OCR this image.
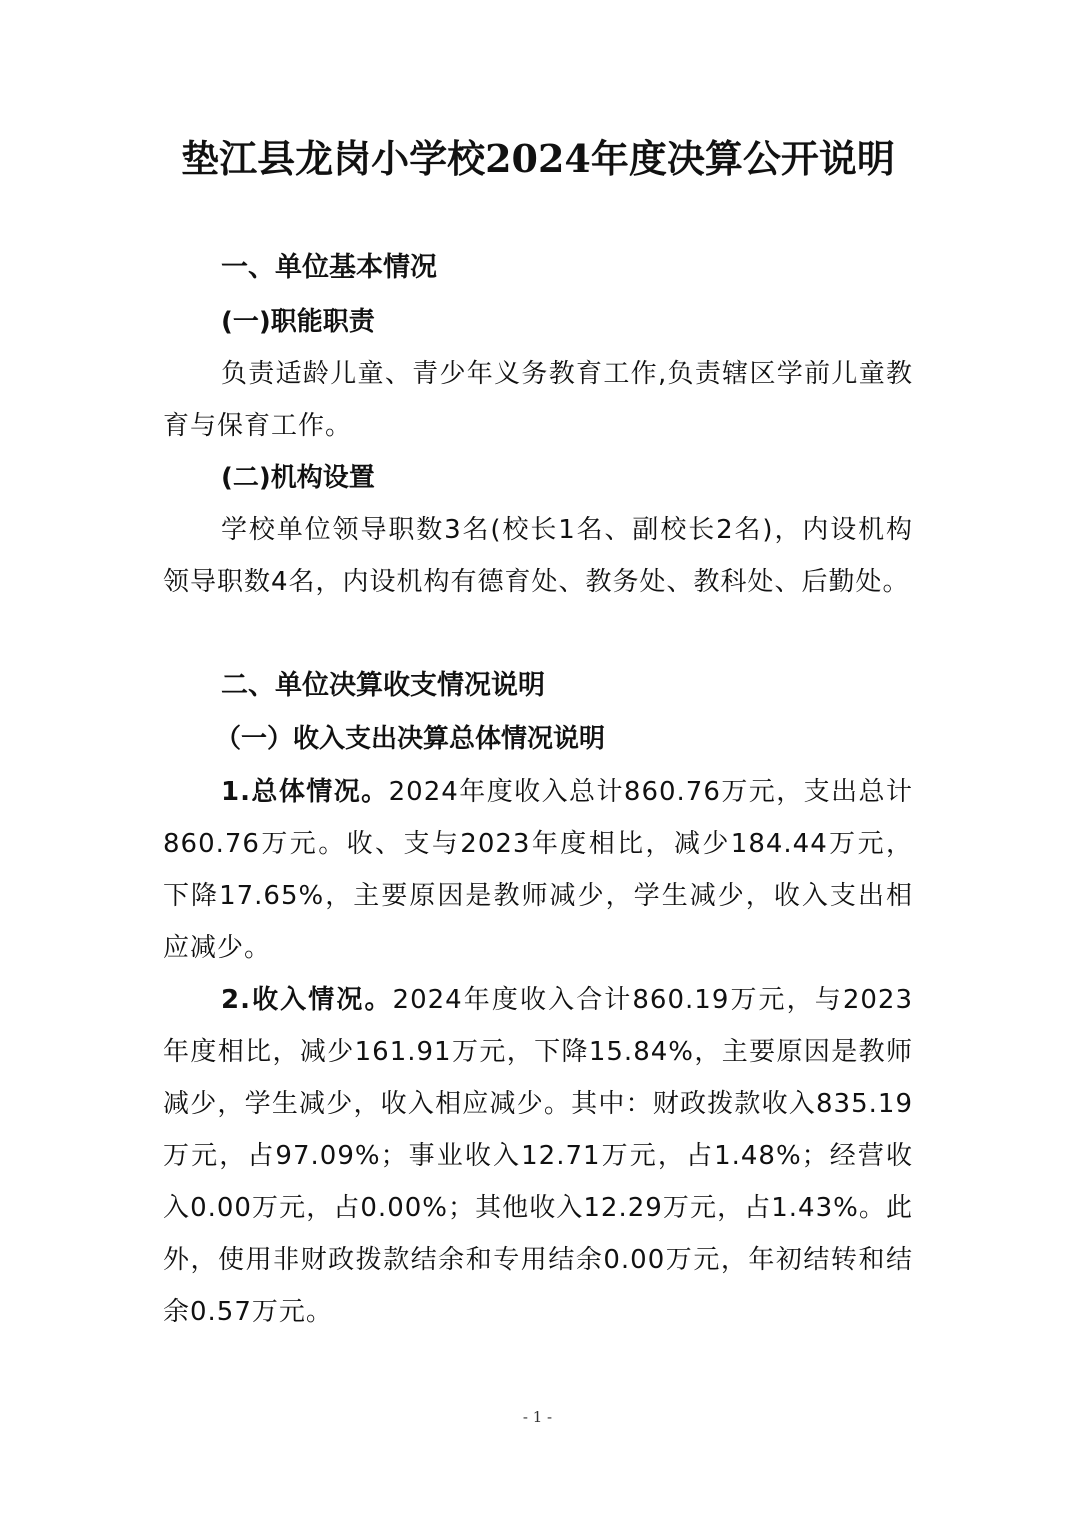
垫江县龙岗小学校2024年度决算公开说明
一、单位基本情况
(一)职能职责
负责适龄儿童、青少年义务教育工作,负责辖区学前儿童教育与保育工作。
(二)机构设置
学校单位领导职数3名(校长1名、副校长2名)，内设机构领导职数4名，内设机构有德育处、教务处、教科处、后勤处。
二、单位决算收支情况说明
（一）收入支出决算总体情况说明
1.总体情况。2024年度收入总计860.76万元，支出总计860.76万元。收、支与2023年度相比，减少184.44万元，下降17.65%，主要原因是教师减少，学生减少，收入支出相应减少。
2.收入情况。2024年度收入合计860.19万元，与2023年度相比，减少161.91万元，下降15.84%，主要原因是教师减少，学生减少，收入相应减少。其中：财政拨款收入835.19万元，占97.09%；事业收入12.71万元，占1.48%；经营收入0.00万元，占0.00%；其他收入12.29万元，占1.43%。此外，使用非财政拨款结余和专用结余0.00万元，年初结转和结余0.57万元。
- 1 -
